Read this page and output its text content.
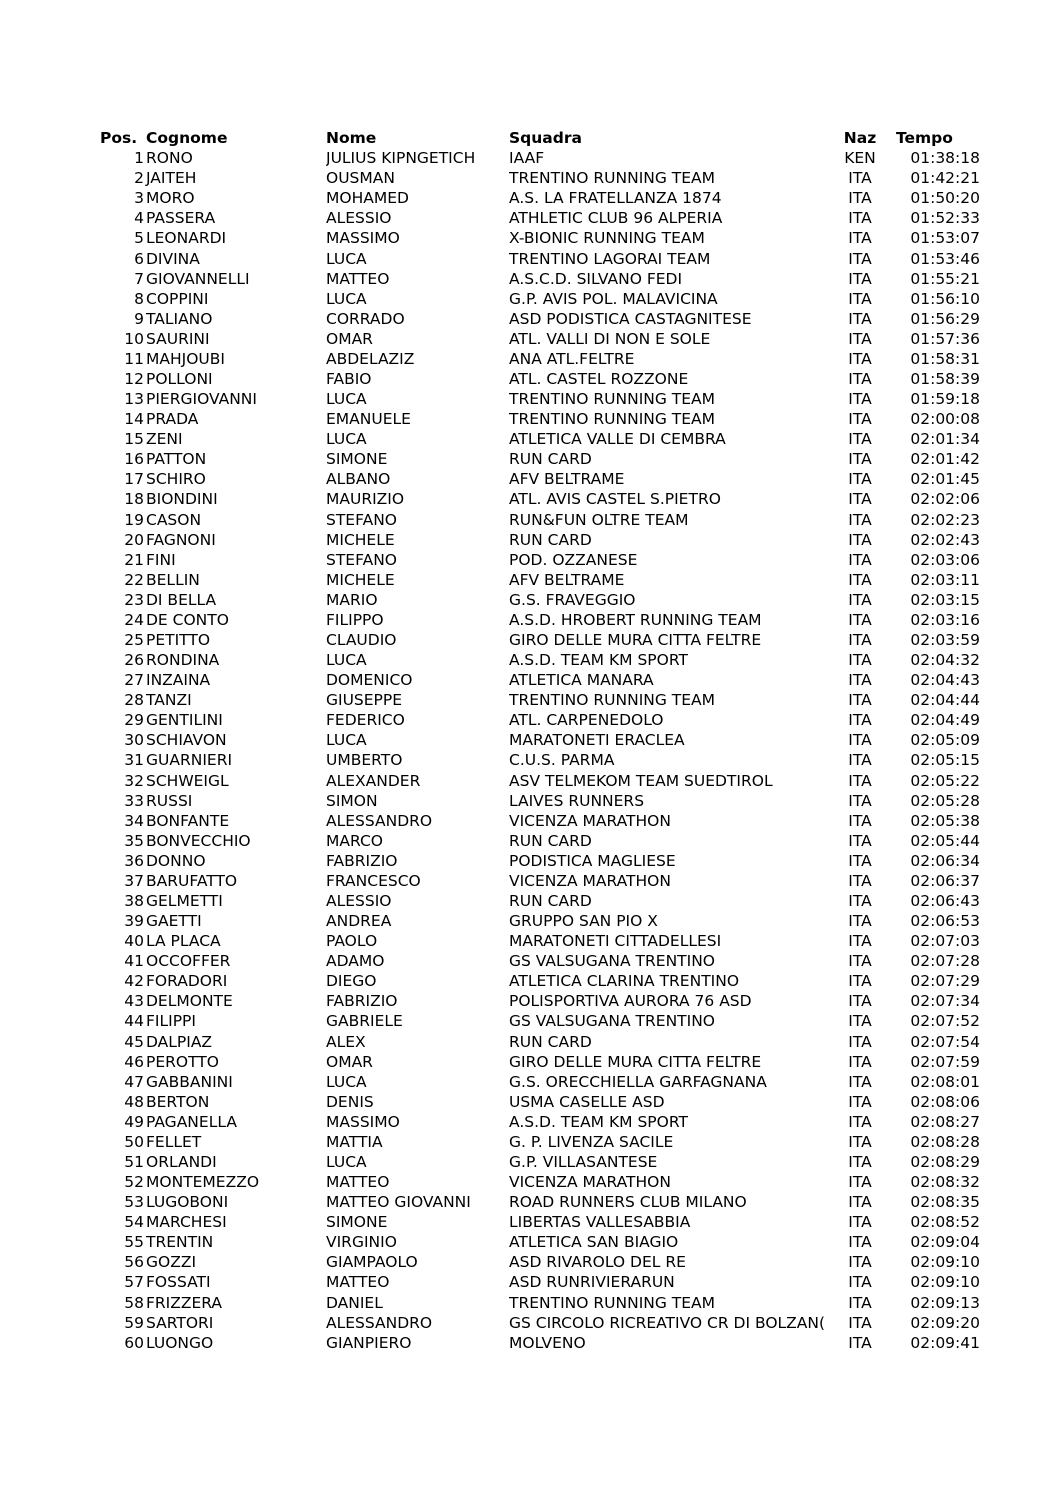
Pos.	Cognome	Nome	Squadra	Naz	Tempo
1	RONO	JULIUS KIPNGETICH	IAAF	KEN	01:38:18
2	JAITEH	OUSMAN	TRENTINO RUNNING TEAM	ITA	01:42:21
3	MORO	MOHAMED	A.S. LA FRATELLANZA 1874	ITA	01:50:20
4	PASSERA	ALESSIO	ATHLETIC CLUB 96 ALPERIA	ITA	01:52:33
5	LEONARDI	MASSIMO	X-BIONIC RUNNING TEAM	ITA	01:53:07
6	DIVINA	LUCA	TRENTINO LAGORAI TEAM	ITA	01:53:46
7	GIOVANNELLI	MATTEO	A.S.C.D. SILVANO FEDI	ITA	01:55:21
8	COPPINI	LUCA	G.P. AVIS POL. MALAVICINA	ITA	01:56:10
9	TALIANO	CORRADO	ASD PODISTICA CASTAGNITESE	ITA	01:56:29
10	SAURINI	OMAR	ATL. VALLI DI NON E SOLE	ITA	01:57:36
11	MAHJOUBI	ABDELAZIZ	ANA ATL.FELTRE	ITA	01:58:31
12	POLLONI	FABIO	ATL. CASTEL ROZZONE	ITA	01:58:39
13	PIERGIOVANNI	LUCA	TRENTINO RUNNING TEAM	ITA	01:59:18
14	PRADA	EMANUELE	TRENTINO RUNNING TEAM	ITA	02:00:08
15	ZENI	LUCA	ATLETICA VALLE DI CEMBRA	ITA	02:01:34
16	PATTON	SIMONE	RUN CARD	ITA	02:01:42
17	SCHIRO	ALBANO	AFV BELTRAME	ITA	02:01:45
18	BIONDINI	MAURIZIO	ATL. AVIS CASTEL S.PIETRO	ITA	02:02:06
19	CASON	STEFANO	RUN&FUN OLTRE TEAM	ITA	02:02:23
20	FAGNONI	MICHELE	RUN CARD	ITA	02:02:43
21	FINI	STEFANO	POD. OZZANESE	ITA	02:03:06
22	BELLIN	MICHELE	AFV BELTRAME	ITA	02:03:11
23	DI BELLA	MARIO	G.S. FRAVEGGIO	ITA	02:03:15
24	DE CONTO	FILIPPO	A.S.D. HROBERT RUNNING TEAM	ITA	02:03:16
25	PETITTO	CLAUDIO	GIRO DELLE MURA CITTA FELTRE	ITA	02:03:59
26	RONDINA	LUCA	A.S.D. TEAM KM SPORT	ITA	02:04:32
27	INZAINA	DOMENICO	ATLETICA MANARA	ITA	02:04:43
28	TANZI	GIUSEPPE	TRENTINO RUNNING TEAM	ITA	02:04:44
29	GENTILINI	FEDERICO	ATL. CARPENEDOLO	ITA	02:04:49
30	SCHIAVON	LUCA	MARATONETI ERACLEA	ITA	02:05:09
31	GUARNIERI	UMBERTO	C.U.S. PARMA	ITA	02:05:15
32	SCHWEIGL	ALEXANDER	ASV TELMEKOM TEAM SUEDTIROL	ITA	02:05:22
33	RUSSI	SIMON	LAIVES RUNNERS	ITA	02:05:28
34	BONFANTE	ALESSANDRO	VICENZA MARATHON	ITA	02:05:38
35	BONVECCHIO	MARCO	RUN CARD	ITA	02:05:44
36	DONNO	FABRIZIO	PODISTICA MAGLIESE	ITA	02:06:34
37	BARUFATTO	FRANCESCO	VICENZA MARATHON	ITA	02:06:37
38	GELMETTI	ALESSIO	RUN CARD	ITA	02:06:43
39	GAETTI	ANDREA	GRUPPO SAN PIO X	ITA	02:06:53
40	LA PLACA	PAOLO	MARATONETI CITTADELLESI	ITA	02:07:03
41	OCCOFFER	ADAMO	GS VALSUGANA TRENTINO	ITA	02:07:28
42	FORADORI	DIEGO	ATLETICA CLARINA TRENTINO	ITA	02:07:29
43	DELMONTE	FABRIZIO	POLISPORTIVA AURORA 76 ASD	ITA	02:07:34
44	FILIPPI	GABRIELE	GS VALSUGANA TRENTINO	ITA	02:07:52
45	DALPIAZ	ALEX	RUN CARD	ITA	02:07:54
46	PEROTTO	OMAR	GIRO DELLE MURA CITTA FELTRE	ITA	02:07:59
47	GABBANINI	LUCA	G.S. ORECCHIELLA GARFAGNANA	ITA	02:08:01
48	BERTON	DENIS	USMA CASELLE ASD	ITA	02:08:06
49	PAGANELLA	MASSIMO	A.S.D. TEAM KM SPORT	ITA	02:08:27
50	FELLET	MATTIA	G. P. LIVENZA SACILE	ITA	02:08:28
51	ORLANDI	LUCA	G.P. VILLASANTESE	ITA	02:08:29
52	MONTEMEZZO	MATTEO	VICENZA MARATHON	ITA	02:08:32
53	LUGOBONI	MATTEO GIOVANNI	ROAD RUNNERS CLUB MILANO	ITA	02:08:35
54	MARCHESI	SIMONE	LIBERTAS VALLESABBIA	ITA	02:08:52
55	TRENTIN	VIRGINIO	ATLETICA SAN BIAGIO	ITA	02:09:04
56	GOZZI	GIAMPAOLO	ASD RIVAROLO DEL RE	ITA	02:09:10
57	FOSSATI	MATTEO	ASD RUNRIVIERARUN	ITA	02:09:10
58	FRIZZERA	DANIEL	TRENTINO RUNNING TEAM	ITA	02:09:13
59	SARTORI	ALESSANDRO	GS CIRCOLO RICREATIVO CR DI BOLZAN(	ITA	02:09:20
60	LUONGO	GIANPIERO	MOLVENO	ITA	02:09:41
